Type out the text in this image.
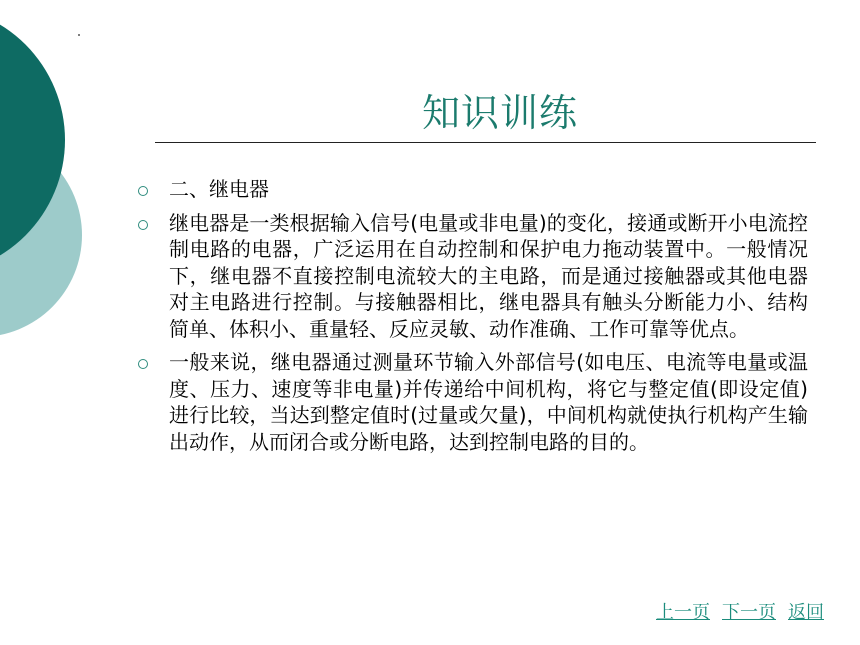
知识训练
二、继电器
继电器是一类根据输入信号(电量或非电量)的变化，接通或断开小电流控制电路的电器，广泛运用在自动控制和保护电力拖动装置中。一般情况下，继电器不直接控制电流较大的主电路，而是通过接触器或其他电器对主电路进行控制。与接触器相比，继电器具有触头分断能力小、结构简单、体积小、重量轻、反应灵敏、动作准确、工作可靠等优点。
一般来说，继电器通过测量环节输入外部信号(如电压、电流等电量或温度、压力、速度等非电量)并传递给中间机构，将它与整定值(即设定值)进行比较，当达到整定值时(过量或欠量)，中间机构就使执行机构产生输出动作，从而闭合或分断电路，达到控制电路的目的。
上一页 下一页 返回
